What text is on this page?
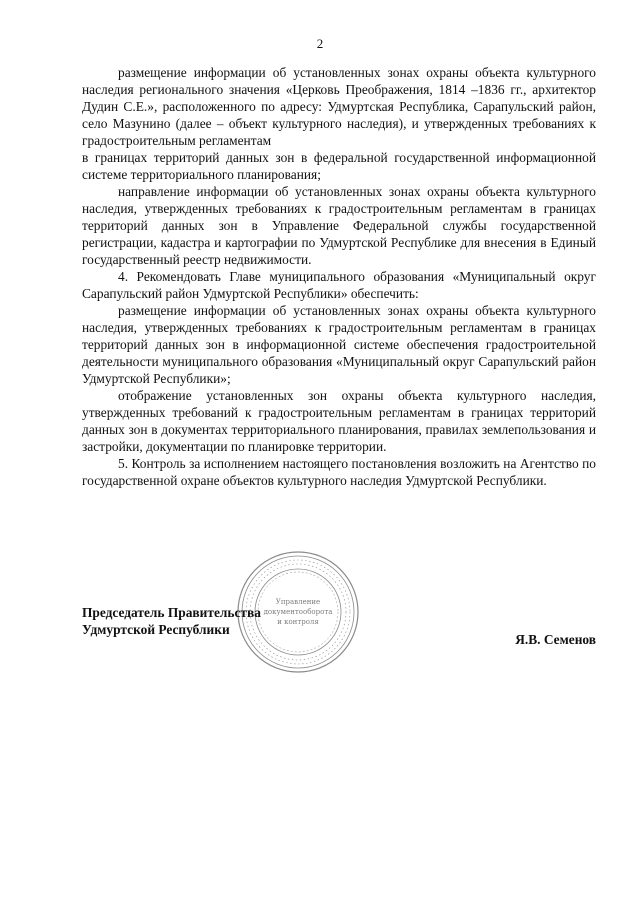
2

размещение информации об установленных зонах охраны объекта культурного наследия регионального значения «Церковь Преображения, 1814 –1836 гг., архитектор Дудин С.Е.», расположенного по адресу: Удмуртская Республика, Сарапульский район, село Мазунино (далее – объект культурного наследия), и утвержденных требованиях к градостроительным регламентам

в границах территорий данных зон в федеральной государственной информационной системе территориального планирования;

направление информации об установленных зонах охраны объекта культурного наследия, утвержденных требованиях к градостроительным регламентам в границах территорий данных зон в Управление Федеральной службы государственной регистрации, кадастра и картографии по Удмуртской Республике для внесения в Единый государственный реестр недвижимости.

4. Рекомендовать Главе муниципального образования «Муниципальный округ Сарапульский район Удмуртской Республики» обеспечить:

размещение информации об установленных зонах охраны объекта культурного наследия, утвержденных требованиях к градостроительным регламентам в границах территорий данных зон в информационной системе обеспечения градостроительной деятельности муниципального образования «Муниципальный округ Сарапульский район Удмуртской Республики»;

отображение установленных зон охраны объекта культурного наследия, утвержденных требований к градостроительным регламентам в границах территорий данных зон в документах территориального планирования, правилах землепользования и застройки, документации по планировке территории.

5. Контроль за исполнением настоящего постановления возложить на Агентство по государственной охране объектов культурного наследия Удмуртской Республики.

Управление
документооборота
и контроля
Председатель Правительства
Удмуртской Республики
Я.В. Семенов
